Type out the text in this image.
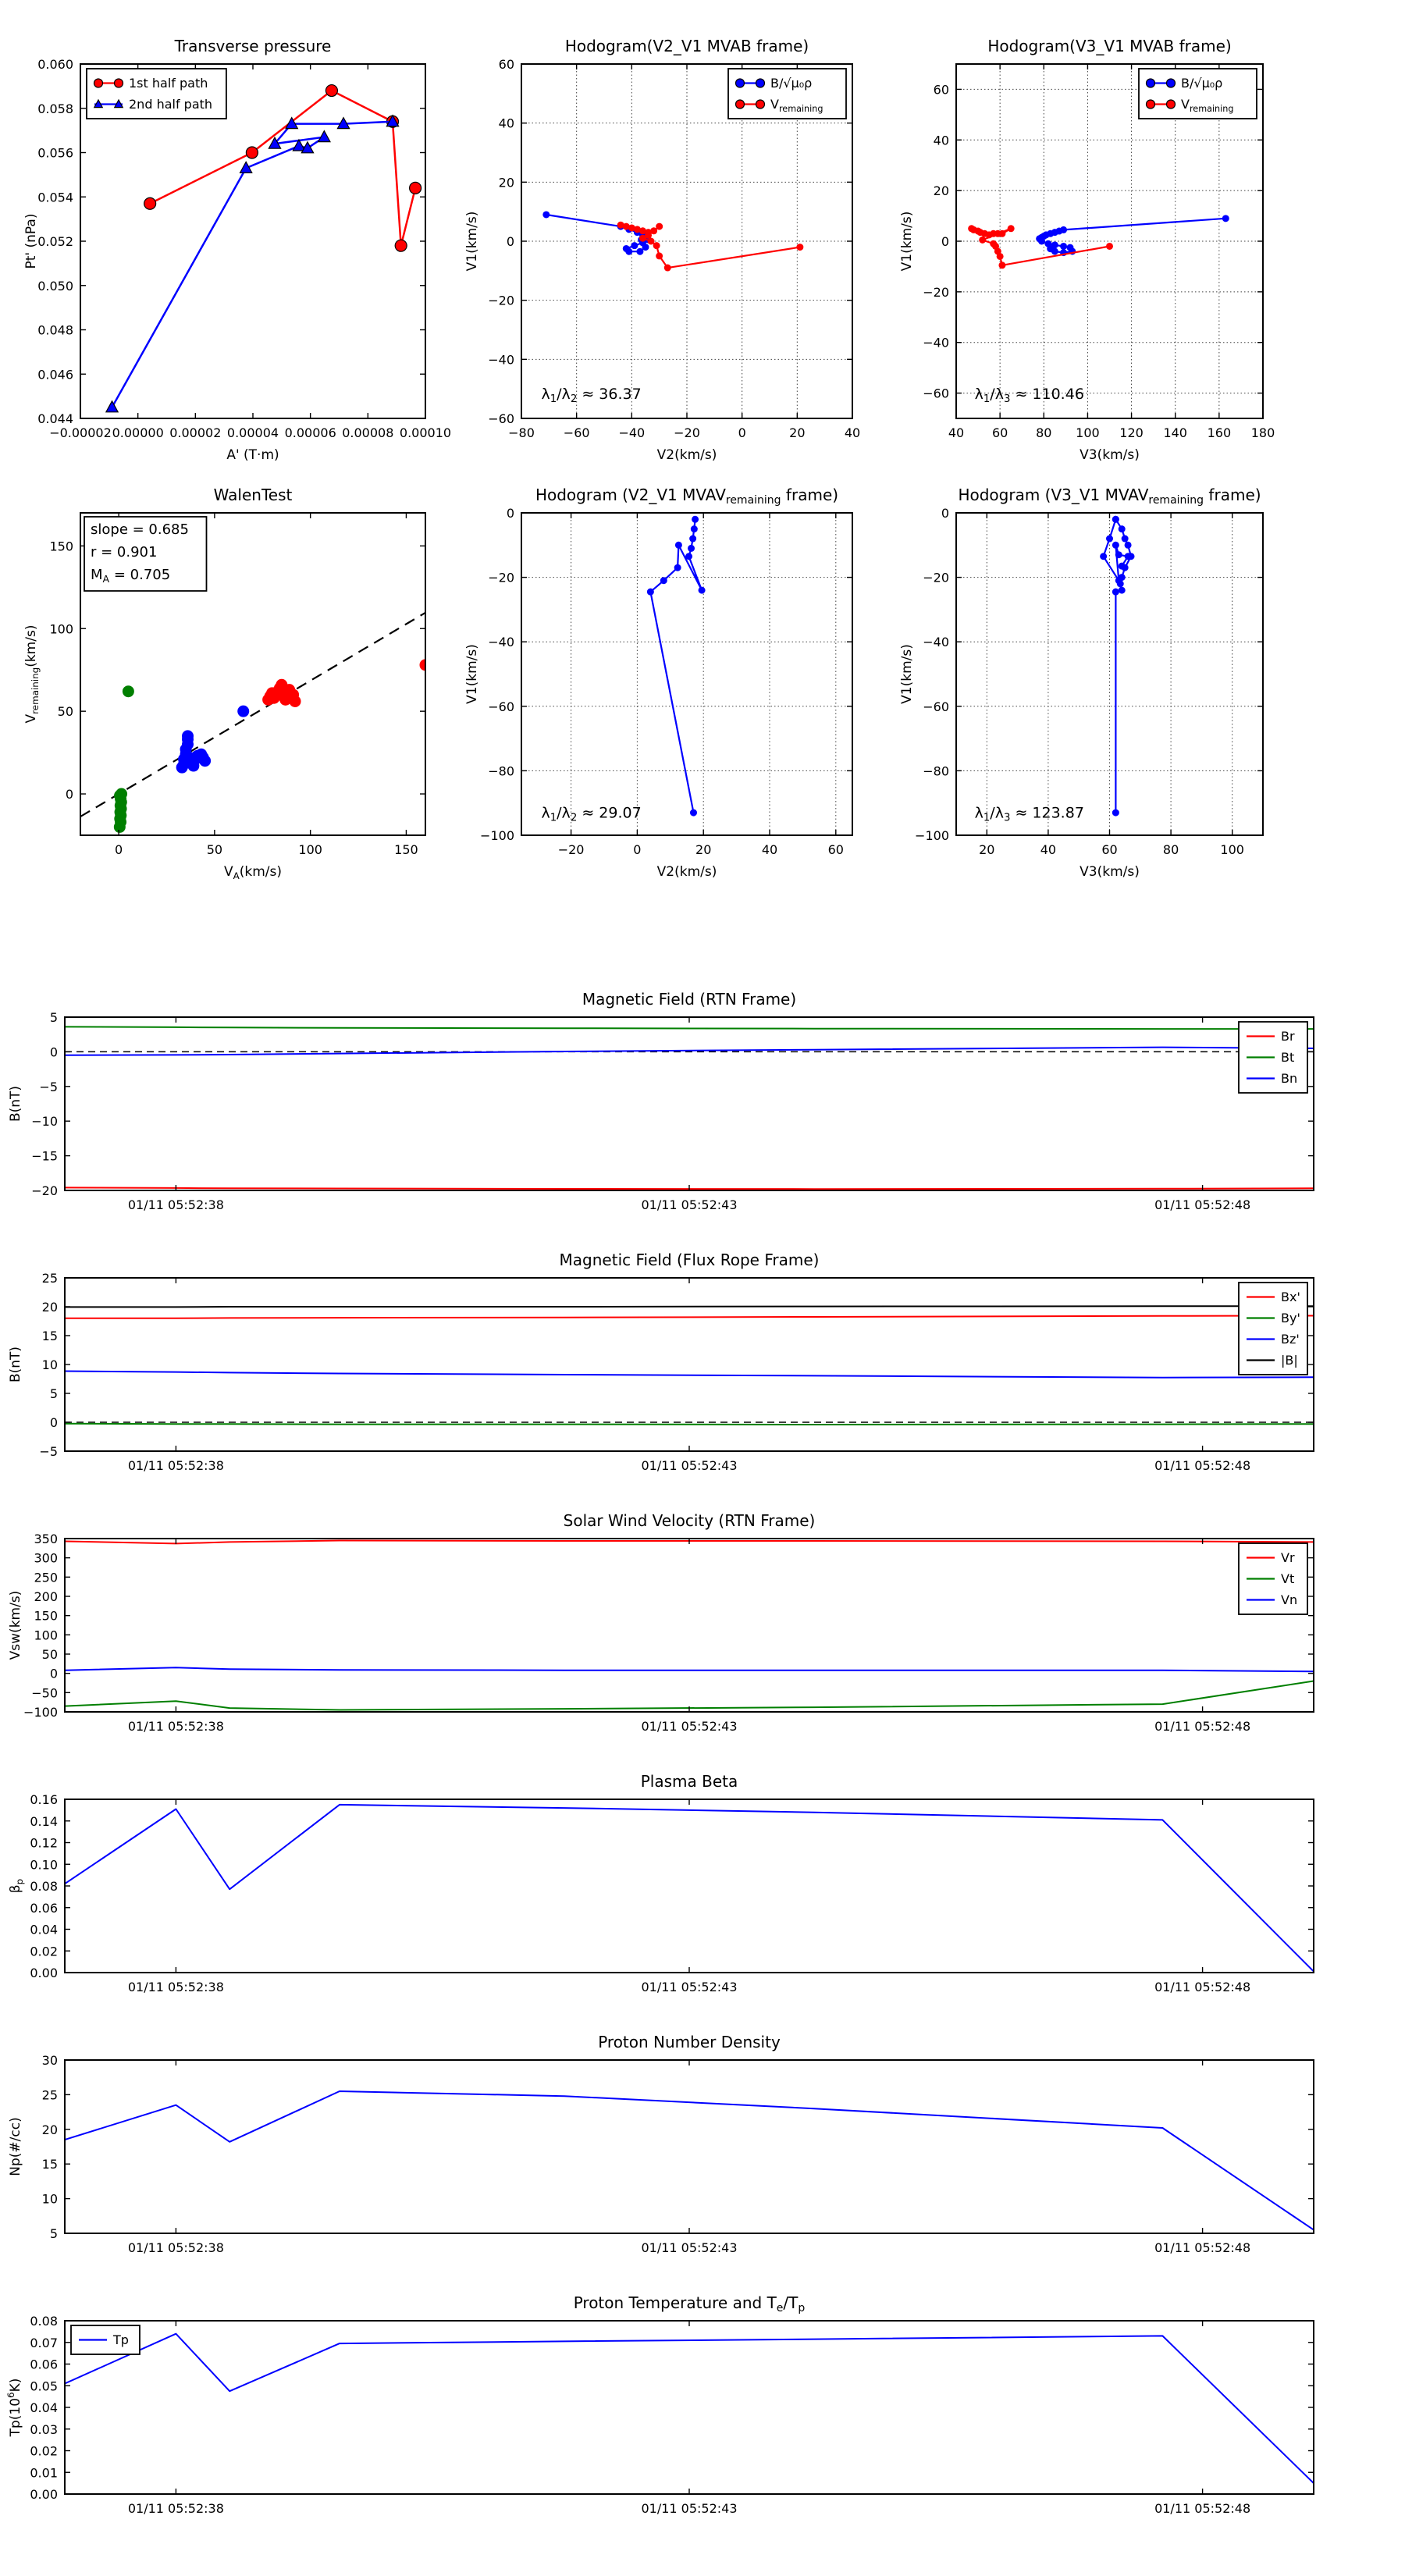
−0.00002 0.00000 0.00002 0.00004 0.00006 0.00008 0.00010
0.060
0.058
0.056
0.054
0.052
0.050
0.048
0.046
0.044
Transverse pressure
A' (T·m)
Pt' (nPa)
1st half path
2nd half path
−80 −60 −40 −20	0	20	40
60
40
20
0
−20
−40
−60
Hodogram(V2_V1 MVAB frame)
V2(km/s)
V1(km/s)
$\lambda_1/\lambda_2 \approx 36.37$
B/√μ₀ρ
$V_{remaining}$
40 60 80 100 120 140 160 180
60
40
20
0
−20
−40
−60
Hodogram(V3_V1 MVAB frame)
V3(km/s)
V1(km/s)
$\lambda_1/\lambda_3 \approx 110.46$
B/√μ₀ρ
$V_{remaining}$
0	50	100	150
0
50
100
150
WalenTest
$V_A(km/s)$
$V_{remaining}(km/s)$
slope = 0.685
r = 0.901
$M_A = 0.705$
−20	0	20	40	60
0
−20
−40
−60
−80
−100
Hodogram (V2_V1 $MVAV_{remaining}$ frame)
V2(km/s)
V1(km/s)
$\lambda_1/\lambda_2 \approx 29.07$
20	40	60	80	100
0
−20
−40
−60
−80
−100
Hodogram (V3_V1 $MVAV_{remaining}$ frame)
V3(km/s)
V1(km/s)
$\lambda_1/\lambda_3 \approx 123.87$
01/11 05:52:38	01/11 05:52:43	01/11 05:52:48
5
0
−5
−10
−15
−20
Magnetic Field (RTN Frame)
B(nT)
Br
Bt
Bn
01/11 05:52:38	01/11 05:52:43	01/11 05:52:48
25
20
15
10
5
0
−5
Magnetic Field (Flux Rope Frame)
B(nT)
Bx'
By'
Bz'
|B|
01/11 05:52:38	01/11 05:52:43	01/11 05:52:48
350
300
250
200
150
100
50
0
−50
−100
Solar Wind Velocity (RTN Frame)
Vsw(km/s)
Vr
Vt
Vn
01/11 05:52:38	01/11 05:52:43	01/11 05:52:48
0.16
0.14
0.12
0.10
0.08
0.06
0.04
0.02
0.00
Plasma Beta
$\beta_p$
01/11 05:52:38	01/11 05:52:43	01/11 05:52:48
30
25
20
15
10
5
Proton Number Density
Np(#/cc)
01/11 05:52:38	01/11 05:52:43	01/11 05:52:48
0.08
0.07
0.06
0.05
0.04
0.03
0.02
0.01
0.00
Proton Temperature and $T_e/T_p$
$Tp(10^6K)$
Tp
